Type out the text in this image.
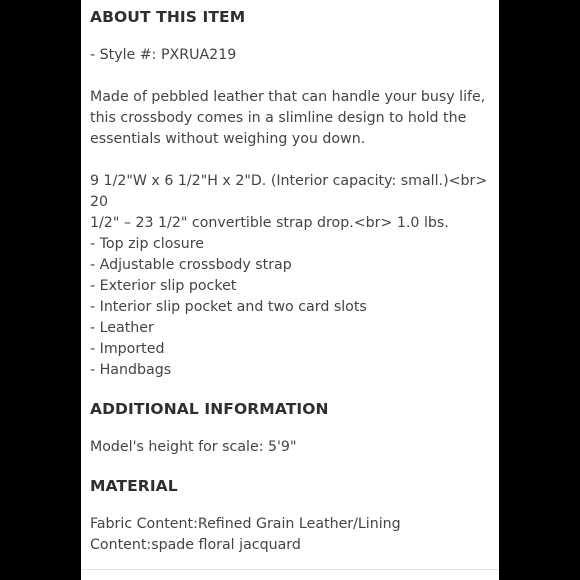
ABOUT THIS ITEM

- Style #: PXRUA219

Made of pebbled leather that can handle your busy life,

this crossbody comes in a slimline design to hold the

essentials without weighing you down.

9 1/2"W x 6 1/2"H x 2"D. (Interior capacity: small.)<br> 20

1/2" – 23 1/2" convertible strap drop.<br> 1.0 lbs.

- Top zip closure

- Adjustable crossbody strap

- Exterior slip pocket

- Interior slip pocket and two card slots

- Leather

- Imported

- Handbags

ADDITIONAL INFORMATION

Model's height for scale: 5'9"

MATERIAL

Fabric Content:Refined Grain Leather/Lining

Content:spade floral jacquard
